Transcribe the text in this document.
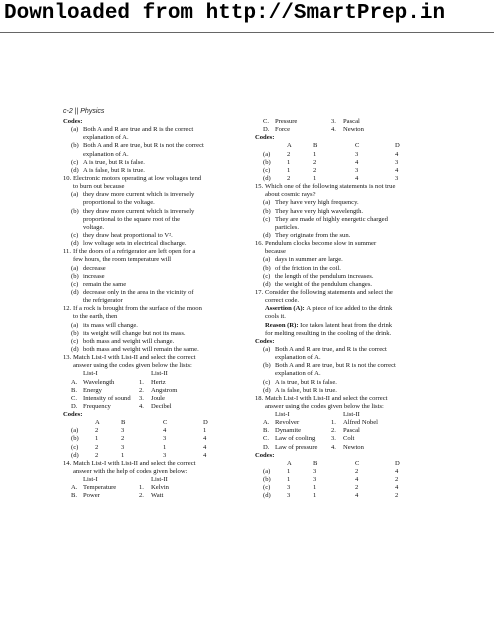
Downloaded from http://SmartPrep.in
c-2 || Physics
Codes:
(a) Both A and R are true and R is the correct
explanation of A.
(b) Both A and R are true, but R is not the correct
explanation of A.
(c) A is true, but R is false.
(d) A is false, but R is true.
10. Electronic motors operating at low voltages tend
to burn out because
(a) they draw more current which is inversely
proportional to the voltage.
(b) they draw more current which is inversely
proportional to the square root of the
voltage.
(c) they draw heat proportional to V².
(d) low voltage sets in electrical discharge.
11. If the doors of a refrigerator are left open for a
few hours, the room temperature will
(a) decrease
(b) increase
(c) remain the same
(d) decrease only in the area in the vicinity of
the refrigerator
12. If a rock is brought from the surface of the moon
to the earth, then
(a) its mass will change.
(b) its weight will change but not its mass.
(c) both mass and weight will change.
(d) both mass and weight will remain the same.
13. Match List-I with List-II and select the correct
answer using the codes given below the lists:
List-I	List-II
A. Wavelength	1. Hertz
B. Energy	2. Angstrom
C. Intensity of sound 3. Joule
D. Frequency	4. Decibel
Codes:
A	B	C	D
(a)	2	3	4	1
(b) 1	2	3	4
(c)	2	3	1	4
(d) 2	1	3	4
14. Match List-I with List-II and select the correct
answer with the help of codes given below:
List-I	List-II
A. Temperature	1. Kelvin
B. Power	2. Watt
C. Pressure	3. Pascal
D. Force	4. Newton
Codes:
A	B	C	D
(a)	2	1	3	4
(b) 1	2	4	3
(c)	1	2	3	4
(d) 2	1	4	3
15. Which one of the following statements is not true
about cosmic rays?
(a) They have very high frequency.
(b) They have very high wavelength.
(c) They are made of highly energetic charged
particles.
(d) They originate from the sun.
16. Pendulum clocks become slow in summer
because
(a) days in summer are large.
(b) of the friction in the coil.
(c) the length of the pendulum increases.
(d) the weight of the pendulum changes.
17. Consider the following statements and select the
correct code.
Assertion (A): A piece of ice added to the drink
cools it.
Reason (R): Ice takes latent heat from the drink
for melting resulting in the cooling of the drink.
Codes:
(a) Both A and R are true, and R is the correct
explanation of A.
(b) Both A and R are true, but R is not the correct
explanation of A.
(c) A is true, but R is false.
(d) A is false, but R is true.
18. Match List-I with List-II and select the correct
answer using the codes given below the lists:
List-I	List-II
A. Revolver	1. Alfred Nobel
B. Dynamite	2. Pascal
C. Law of cooling 3. Colt
D. Law of pressure 4. Newton
Codes:
A	B	C	D
(a)	1	3	2	4
(b) 1	3	4	2
(c)	3	1	2	4
(d) 3	1	4	2
